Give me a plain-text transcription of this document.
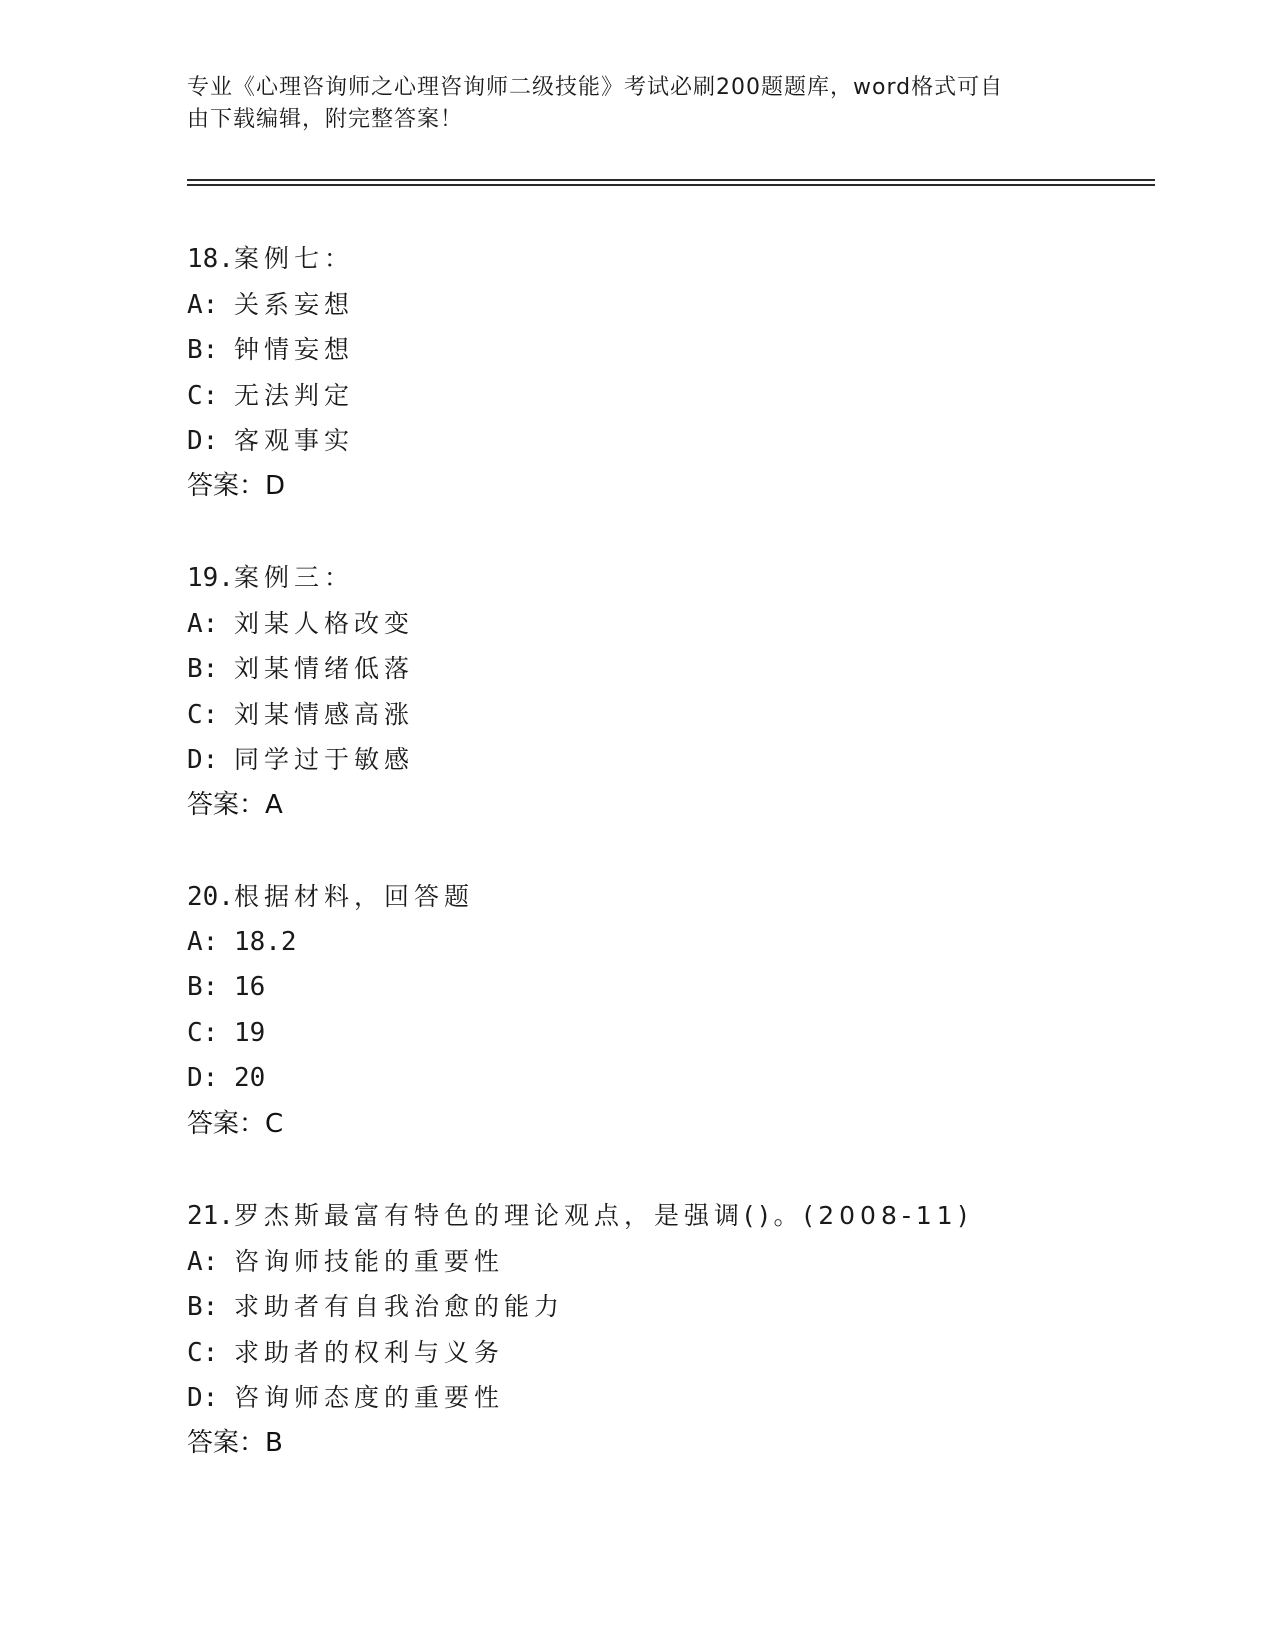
专业《心理咨询师之心理咨询师二级技能》考试必刷200题题库，word格式可自
由下载编辑，附完整答案！
18.案例七：
A: 关系妄想
B: 钟情妄想
C: 无法判定
D: 客观事实
答案：D
19.案例三：
A: 刘某人格改变
B: 刘某情绪低落
C: 刘某情感高涨
D: 同学过于敏感
答案：A
20.根据材料，回答题
A: 18.2
B: 16
C: 19
D: 20
答案：C
21.罗杰斯最富有特色的理论观点，是强调()。(2008-11)
A: 咨询师技能的重要性
B: 求助者有自我治愈的能力
C: 求助者的权利与义务
D: 咨询师态度的重要性
答案：B
